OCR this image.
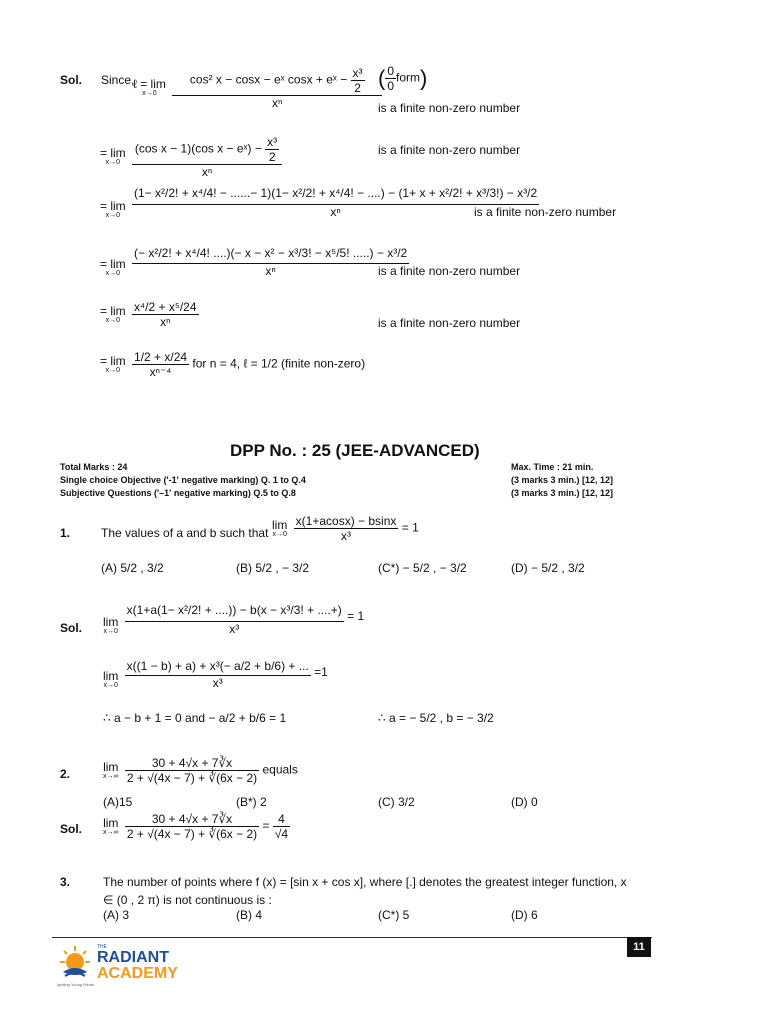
Sol. Since,
ℓ = lim
x→0
	$\frac{\cos^2 x - \cos x - eˣ \cos x + eˣ - \frac{\text{x³}}{2}}{\text{xⁿ}}$
( $\frac{0}{0}$ form)
is a finite non-zero number
= lim
x→0
$\frac{(\cos x - 1)(\cos x - eˣ) - \frac{\text{x³}}{2}}{\text{xⁿ}}$	is a finite non-zero number
= lim
x→0

(1− x²/2! + x⁴/4! − ......− 1)(1− x²/2! + x⁴/4! − ....) − (1+ x + x²/2! + x³/3!) − x³/2
xⁿ	is a finite non-zero number
= lim
x→0

(− x²/2! + x⁴/4! ....)(− x − x² − x³/3! − x⁵/5! .....) − x³/2
xⁿ	is a finite non-zero number
= lim
x→0
$\frac{\text{x⁴/2 + x⁵/24}}{\text{xⁿ}}$	is a finite non-zero number
= lim
x→0
$\frac{1/2 + x/24}{\text{xⁿ⁻⁴}}$ for n = 4, ℓ = 1/2 (finite non-zero)
DPP No. : 25 (JEE-ADVANCED)
Total Marks : 24	Max. Time : 21 min.
Single choice Objective ('-1' negative marking) Q. 1 to Q.4	(3 marks 3 min.) [12, 12]
Subjective Questions ('–1' negative marking) Q.5 to Q.8	(3 marks 3 min.) [12, 12]
1.	The values of a and b such that
lim
x→0
$\frac{x(1+acosx) - bsinx}{\text{x³}} = 1$
(A) 5/2 , 3/2	(B) 5/2 , − 3/2	(C*) − 5/2 , − 3/2	(D) − 5/2 , 3/2
Sol. lim
x→0
$\frac{\text{x(1+a(1− x²/2! + ....)) − b(x − x³/3! + ....+)}}{\text{x³}} = 1$
lim
x→0
$\frac{\text{x((1 − b) + a) + x³(− a/2 + b/6) + ...}}{\text{x³}} =1$
∴ a − b + 1 = 0 and − a/2 + b/6 = 1	∴ a = − 5/2 , b = − 3/2
2.
lim
x→∞
$\frac{30 + 4√x + 7∛x}{2 + √(4x - 7) + ∛(6x - 2)}$ equals
(A)15	(B*) 2	(C) 3/2	(D) 0
Sol. lim
x→∞
$\frac{30 + 4√x + 7∛x}{2 + √(4x - 7) + ∛(6x - 2)} = \frac{4}{√4}$
3.	The number of points where f (x) = [sin x + cos x], where [.] denotes the greatest integer function, x
∈ (0 , 2 π) is not continuous is :
(A) 3	(B) 4	(C*) 5	(D) 6
11
THE
RADIANT
ACADEMY
Igniting Young Minds
